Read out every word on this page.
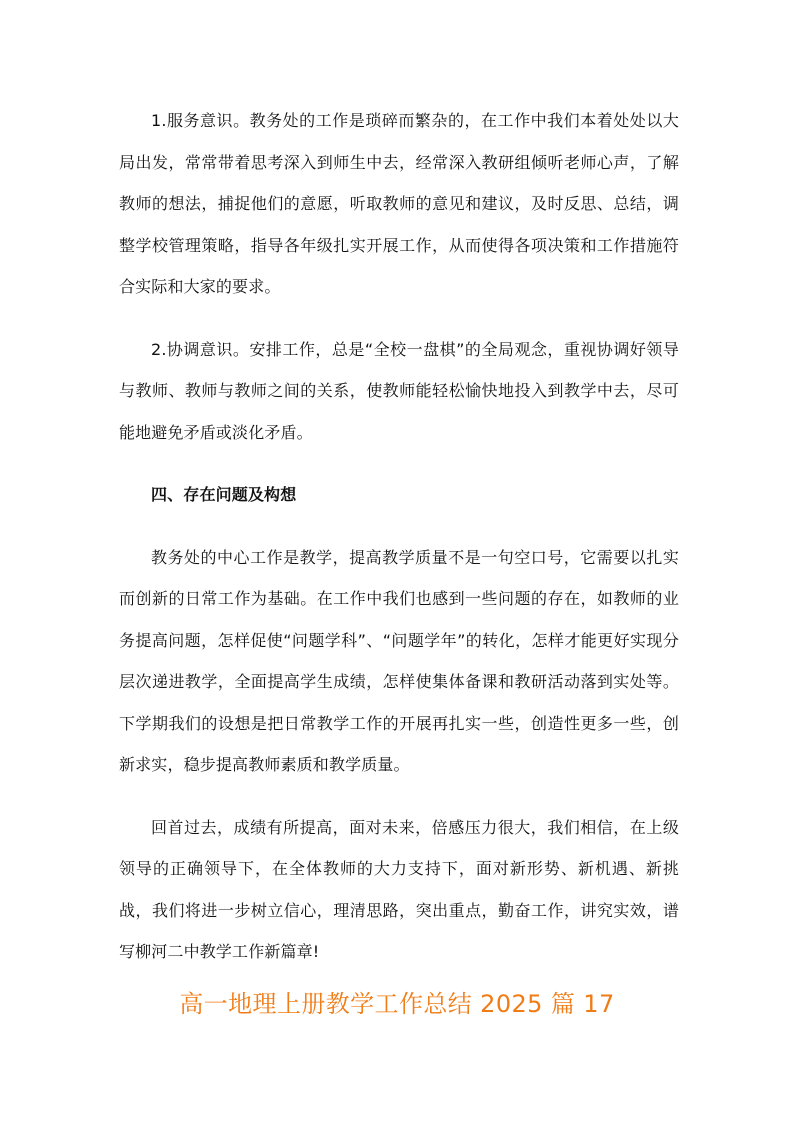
1.服务意识。教务处的工作是琐碎而繁杂的，在工作中我们本着处处以大局出发，常常带着思考深入到师生中去，经常深入教研组倾听老师心声，了解教师的想法，捕捉他们的意愿，听取教师的意见和建议，及时反思、总结，调整学校管理策略，指导各年级扎实开展工作，从而使得各项决策和工作措施符合实际和大家的要求。

2.协调意识。安排工作，总是“全校一盘棋”的全局观念，重视协调好领导与教师、教师与教师之间的关系，使教师能轻松愉快地投入到教学中去，尽可能地避免矛盾或淡化矛盾。

四、存在问题及构想

教务处的中心工作是教学，提高教学质量不是一句空口号，它需要以扎实而创新的日常工作为基础。在工作中我们也感到一些问题的存在，如教师的业务提高问题，怎样促使“问题学科”、“问题学年”的转化，怎样才能更好实现分层次递进教学，全面提高学生成绩，怎样使集体备课和教研活动落到实处等。下学期我们的设想是把日常教学工作的开展再扎实一些，创造性更多一些，创新求实，稳步提高教师素质和教学质量。

回首过去，成绩有所提高，面对未来，倍感压力很大，我们相信，在上级领导的正确领导下，在全体教师的大力支持下，面对新形势、新机遇、新挑战，我们将进一步树立信心，理清思路，突出重点，勤奋工作，讲究实效，谱写柳河二中教学工作新篇章!

高一地理上册教学工作总结 2025 篇 17
